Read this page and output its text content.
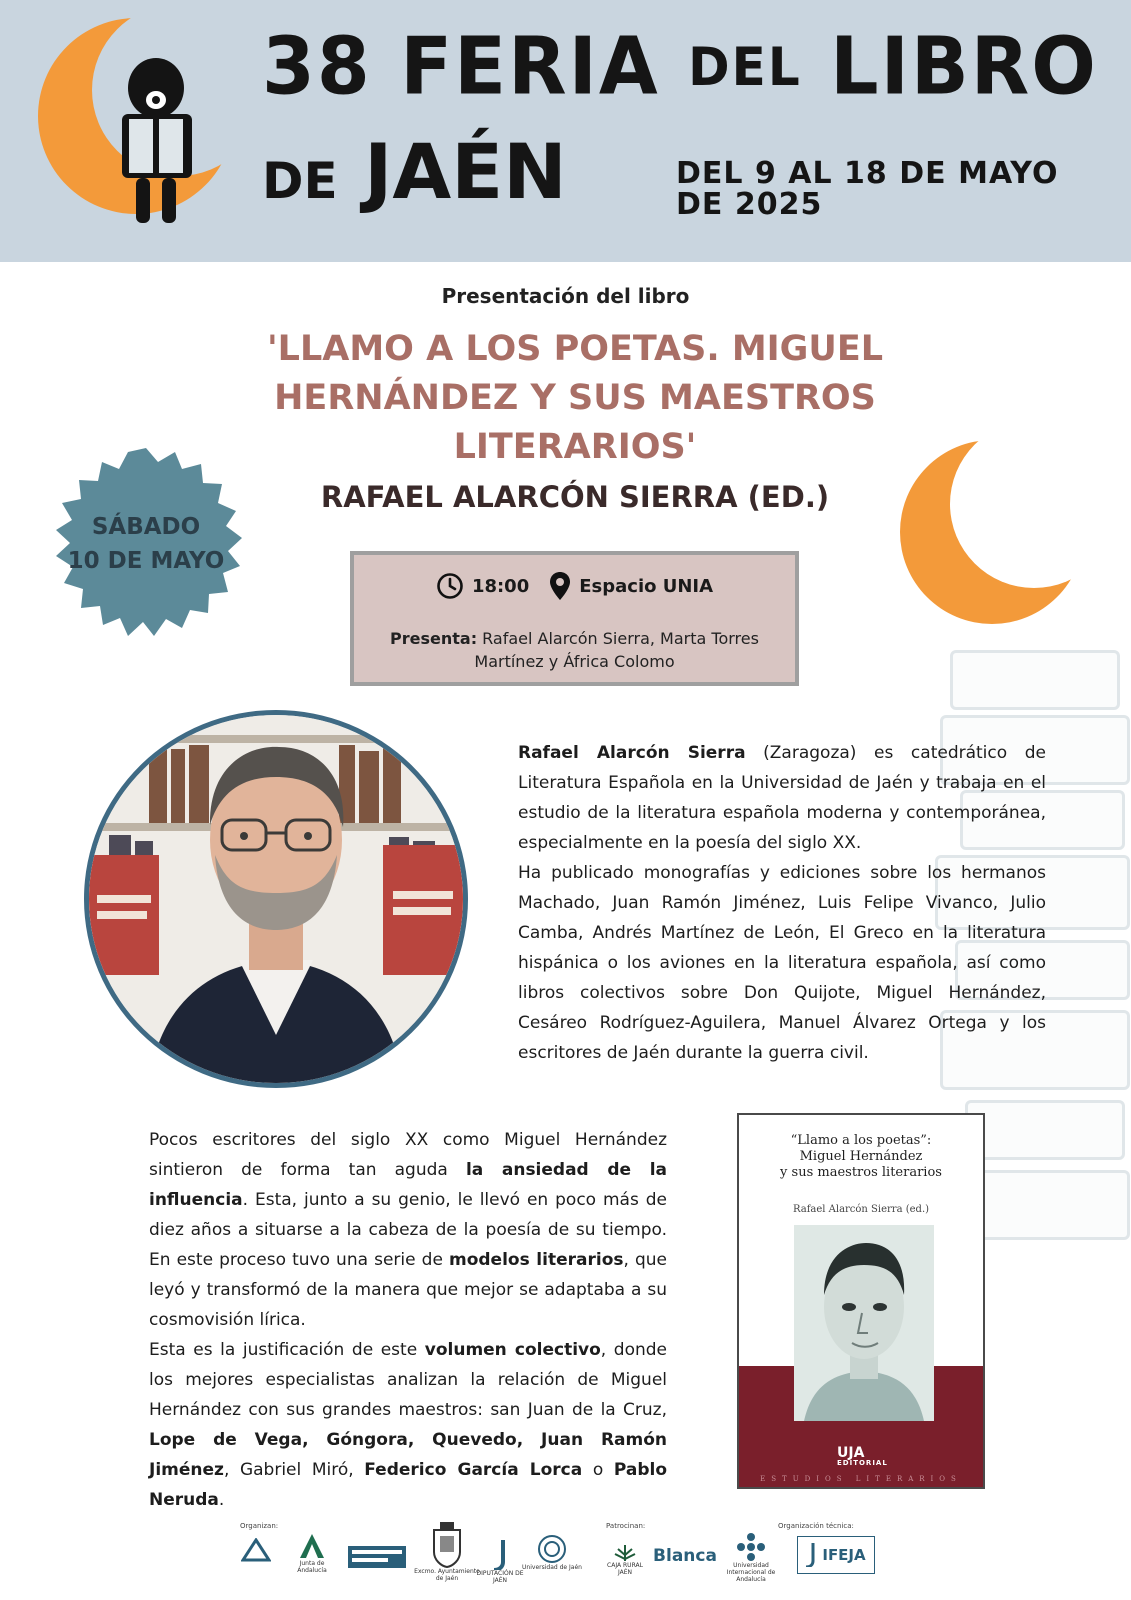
38 FERIA DEL LIBRO
DE JAÉN	DEL 9 AL 18 DE MAYO
DE 2025
Presentación del libro
'LLAMO A LOS POETAS. MIGUEL
HERNÁNDEZ Y SUS MAESTROS
LITERARIOS'
RAFAEL ALARCÓN SIERRA (ED.)
SÁBADO
10 DE MAYO
18:00	Espacio UNIA
Presenta: Rafael Alarcón Sierra, Marta Torres Martínez y África Colomo

Rafael Alarcón Sierra (Zaragoza) es catedrático de Literatura Española en la Universidad de Jaén y trabaja en el estudio de la literatura española moderna y contemporánea, especialmente en la poesía del siglo XX.

Ha publicado monografías y ediciones sobre los hermanos Machado, Juan Ramón Jiménez, Luis Felipe Vivanco, Julio Camba, Andrés Martínez de León, El Greco en la literatura hispánica o los aviones en la literatura española, así como libros colectivos sobre Don Quijote, Miguel Hernández, Cesáreo Rodríguez-Aguilera, Manuel Álvarez Ortega y los escritores de Jaén durante la guerra civil.

Pocos escritores del siglo XX como Miguel Hernández sintieron de forma tan aguda la ansiedad de la influencia. Esta, junto a su genio, le llevó en poco más de diez años a situarse a la cabeza de la poesía de su tiempo. En este proceso tuvo una serie de modelos literarios, que leyó y transformó de la manera que mejor se adaptaba a su cosmovisión lírica.

Esta es la justificación de este volumen colectivo, donde los mejores especialistas analizan la relación de Miguel Hernández con sus grandes maestros: san Juan de la Cruz, Lope de Vega, Góngora, Quevedo, Juan Ramón Jiménez, Gabriel Miró, Federico García Lorca o Pablo Neruda.

“Llamo a los poetas”:
Miguel Hernández
y sus maestros literarios
Rafael Alarcón Sierra (ed.)
UJA
EDITORIAL
ESTUDIOS LITERARIOS
Organizan:	Patrocinan:	Organización técnica:
Junta de Andalucía	Excmo. Ayuntamiento de Jaén
DIPUTACIÓN DE JAÉN
Universidad de Jaén	CAJA RURAL JAÉN
Blanca	Universidad Internacional de Andalucía
IFEJA
